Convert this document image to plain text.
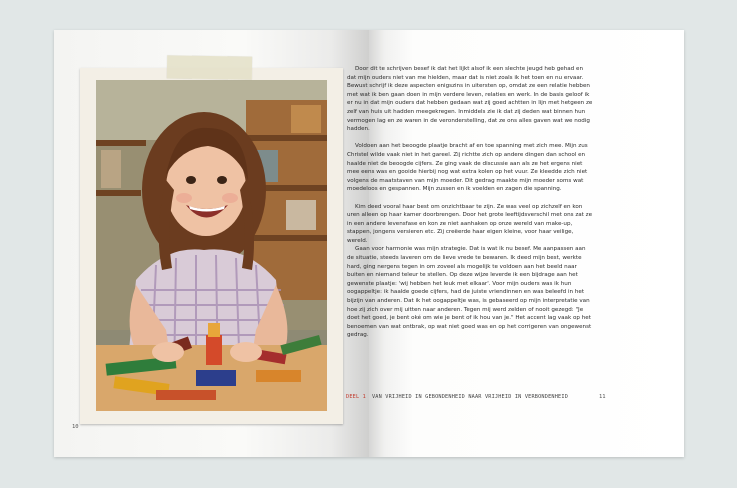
10

Door dit te schrijven besef ik dat het lijkt alsof ik een slechte jeugd heb gehad en dat mijn ouders niet van me hielden, maar dat is niet zoals ik het toen en nu ervaar. Bewust schrijf ik deze aspecten enigszins in uitersten op, omdat ze een relatie hebben met wat ik ben gaan doen in mijn verdere leven, relaties en werk. In de basis geloof ik er nu in dat mijn ouders dat hebben gedaan wat zij goed achtten in lijn met hetgeen ze zelf van huis uit hadden meegekregen. Inmiddels zie ik dat zij deden wat binnen hun vermogen lag en ze waren in de veronderstelling, dat ze ons alles gaven wat we nodig hadden.

Voldoen aan het beoogde plaatje bracht af en toe spanning met zich mee. Mijn zus Christel wilde vaak niet in het gareel. Zij richtte zich op andere dingen dan school en haalde niet de beoogde cijfers. Ze ging vaak de discussie aan als ze het ergens niet mee eens was en gooide hierbij nog wat extra kolen op het vuur. Ze kleedde zich niet volgens de maatstaven van mijn moeder. Dit gedrag maakte mijn moeder soms wat moedeloos en gespannen. Mijn zussen en ik voelden en zagen die spanning.

Kim deed vooral haar best om onzichtbaar te zijn. Ze was veel op zichzelf en kon uren alleen op haar kamer doorbrengen. Door het grote leeftijdsverschil met ons zat ze in een andere levensfase en kon ze niet aanhaken op onze wereld van make-up, stappen, jongens versieren etc. Zij creëerde haar eigen kleine, voor haar veilige, wereld.

Gaan voor harmonie was mijn strategie. Dat is wat ik nu besef. Me aanpassen aan de situatie, steeds laveren om de lieve vrede te bewaren. Ik deed mijn best, werkte hard, ging nergens tegen in om zoveel als mogelijk te voldoen aan het beeld naar buiten en niemand teleur te stellen. Op deze wijze leverde ik een bijdrage aan het gewenste plaatje: 'wij hebben het leuk met elkaar'. Voor mijn ouders was ik hun oogappeltje: ik haalde goede cijfers, had de juiste vriendinnen en was beleefd in het bijzijn van anderen. Dat ik het oogappeltje was, is gebaseerd op mijn interpretatie van hoe zij zich over mij uitten naar anderen. Tegen mij werd zelden of nooit gezegd: "Je doet het goed, je bent oké om wie je bent of ik hou van je." Het accent lag vaak op het benoemen van wat ontbrak, op wat niet goed was en op het corrigeren van ongewenst gedrag.

DEEL 1 VAN VRIJHEID IN GEBONDENHEID NAAR VRIJHEID IN VERBONDENHEID	11
